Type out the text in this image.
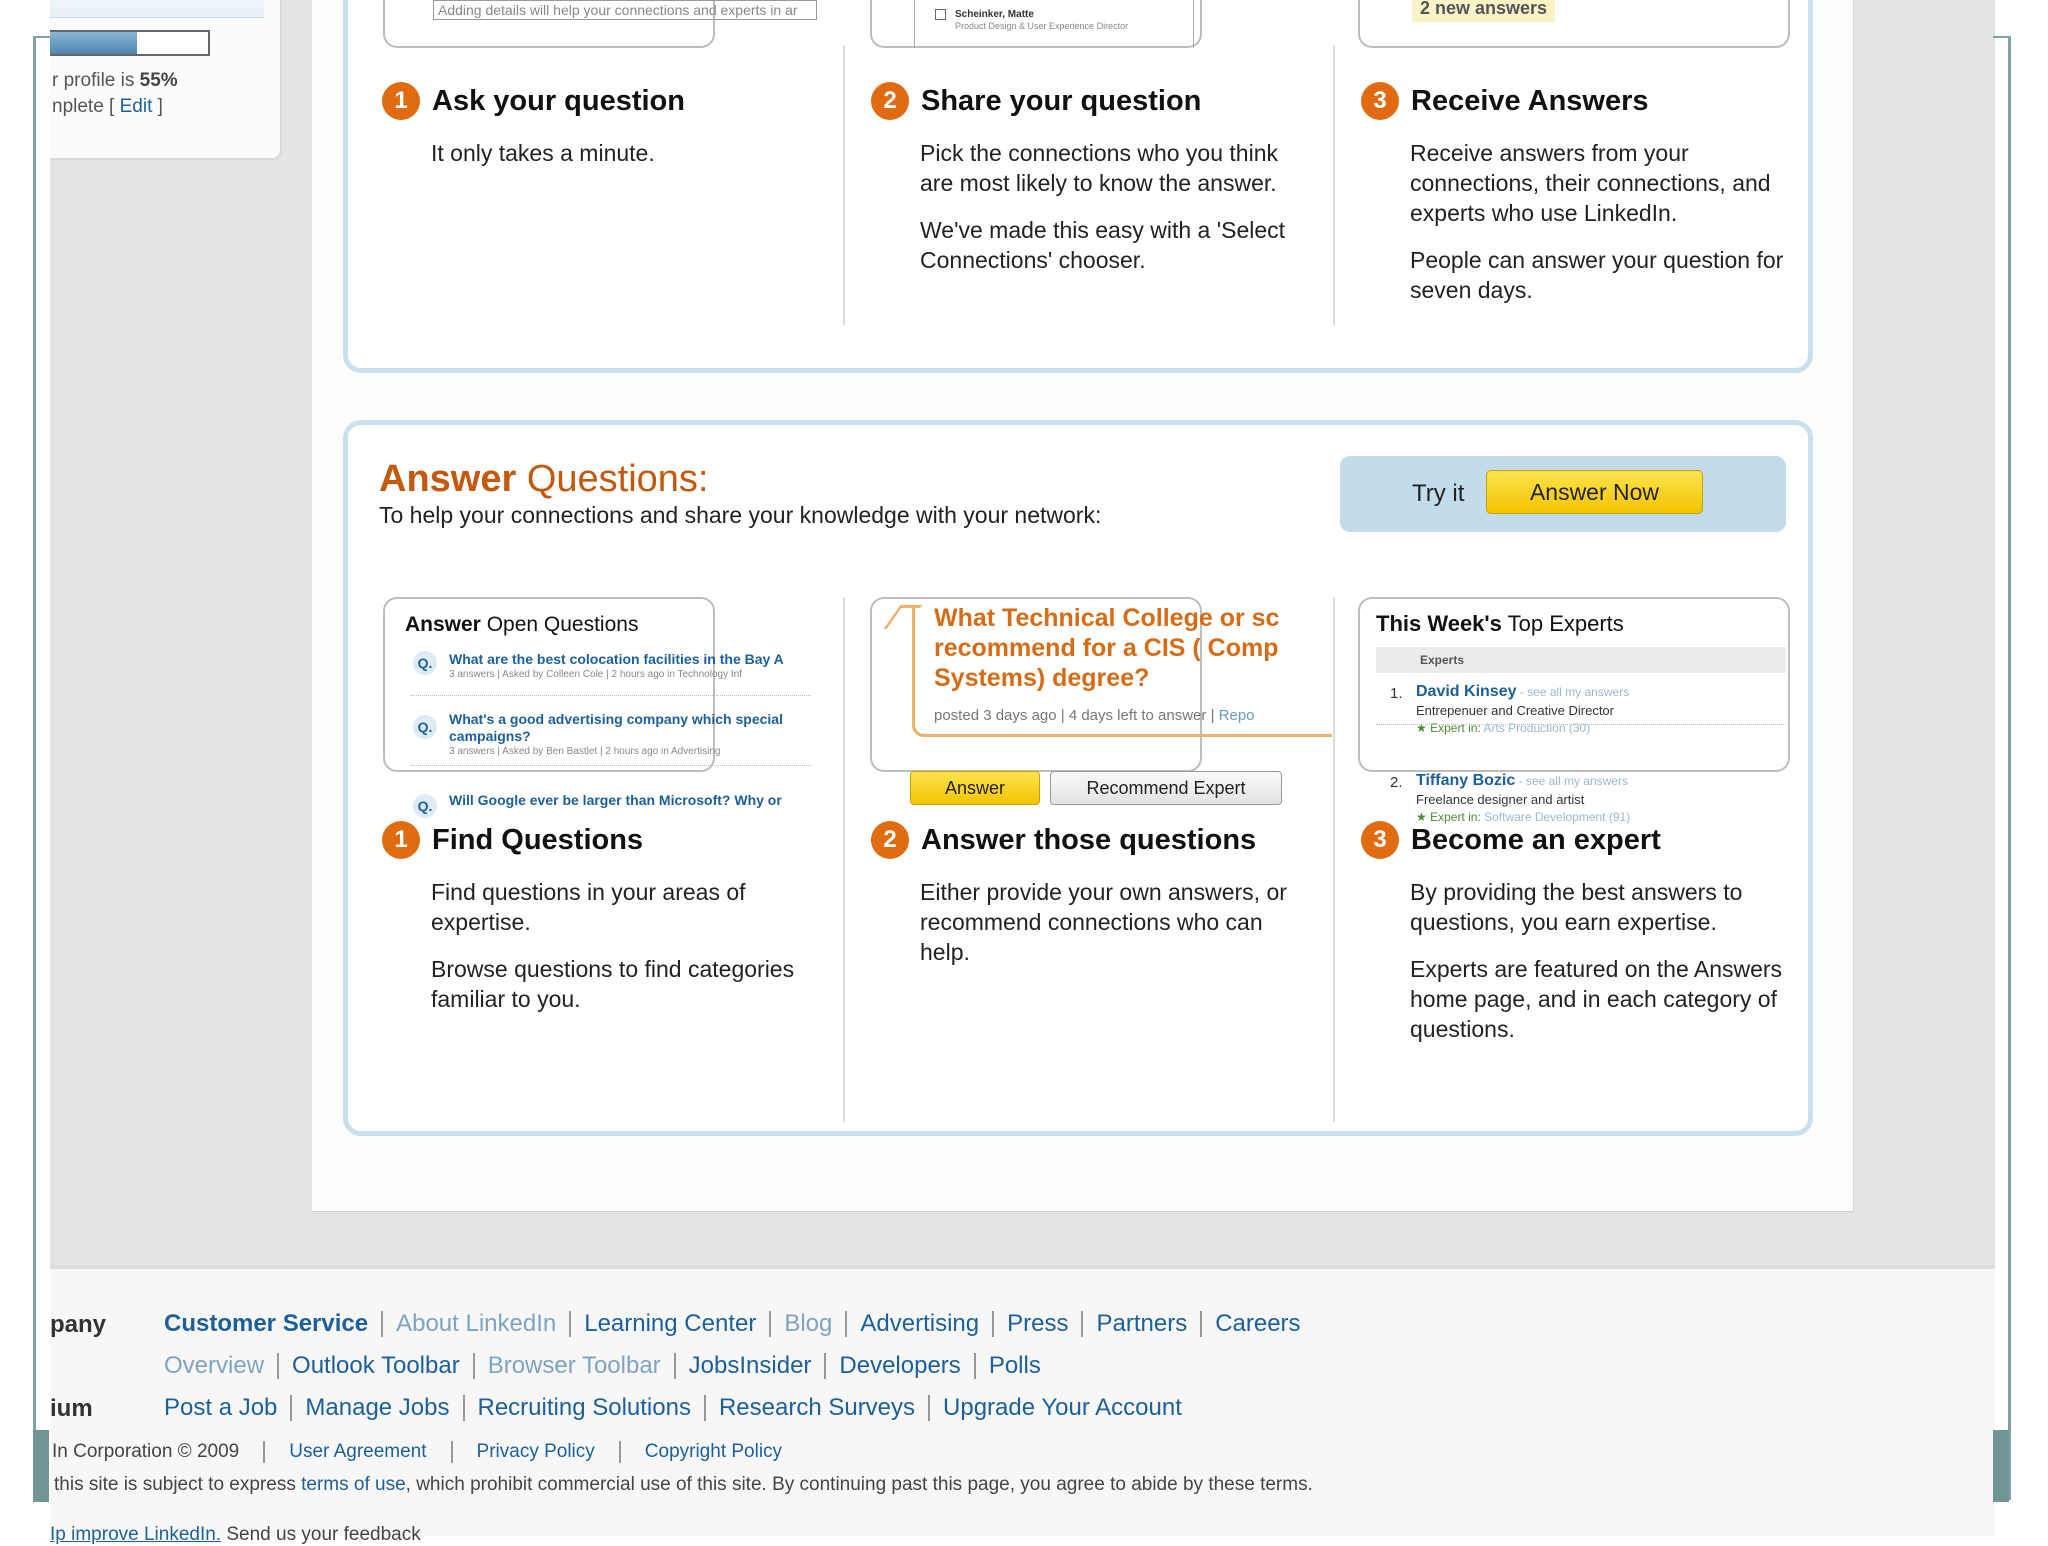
r profile is 55%
nplete [ Edit ]
Adding details will help your connections and experts in ar	Scheinker, Matte
Product Design & User Experience Director
2 new answers
1 Ask your question

It only takes a minute.

2 Share your question

Pick the connections who you think are most likely to know the answer.

We've made this easy with a 'Select Connections' chooser.

3 Receive Answers

Receive answers from your connections, their connections, and experts who use LinkedIn.

People can answer your question for seven days.

Answer Open Questions
Q.	What are the best colocation facilities in the Bay A
3 answers | Asked by Colleen Cole | 2 hours ago in Technology Inf
Q.	What's a good advertising company which special
campaigns?
3 answers | Asked by Ben Bastlet | 2 hours ago in Advertising
Q.	Will Google ever be larger than Microsoft? Why or
What Technical College or sc
recommend for a CIS ( Comp
Systems) degree?
posted 3 days ago | 4 days left to answer | Repo
Answer	Recommend Expert
This Week's Top Experts
Experts
1. David Kinsey - see all my answers
Entrepenuer and Creative Director
★ Expert in: Arts Production (30)
2. Tiffany Bozic - see all my answers
Freelance designer and artist
★ Expert in: Software Development (91)
1 Find Questions

Find questions in your areas of expertise.

Browse questions to find categories familiar to you.

2 Answer those questions

Either provide your own answers, or recommend connections who can help.

3 Become an expert

By providing the best answers to questions, you earn expertise.

Experts are featured on the Answers home page, and in each category of questions.

Answer Questions:
To help your connections and share your knowledge with your network:
Try it	Answer Now
pany
ium
Customer Service	About LinkedIn	Learning Center	Blog	Advertising	Press	Partners	Careers
Overview	Outlook Toolbar	Browser Toolbar	JobsInsider	Developers	Polls
Post a Job	Manage Jobs	Recruiting Solutions	Research Surveys	Upgrade Your Account
In Corporation © 2009	User Agreement	Privacy Policy	Copyright Policy
this site is subject to express terms of use, which prohibit commercial use of this site. By continuing past this page, you agree to abide by these terms.
Ip improve LinkedIn. Send us your feedback
